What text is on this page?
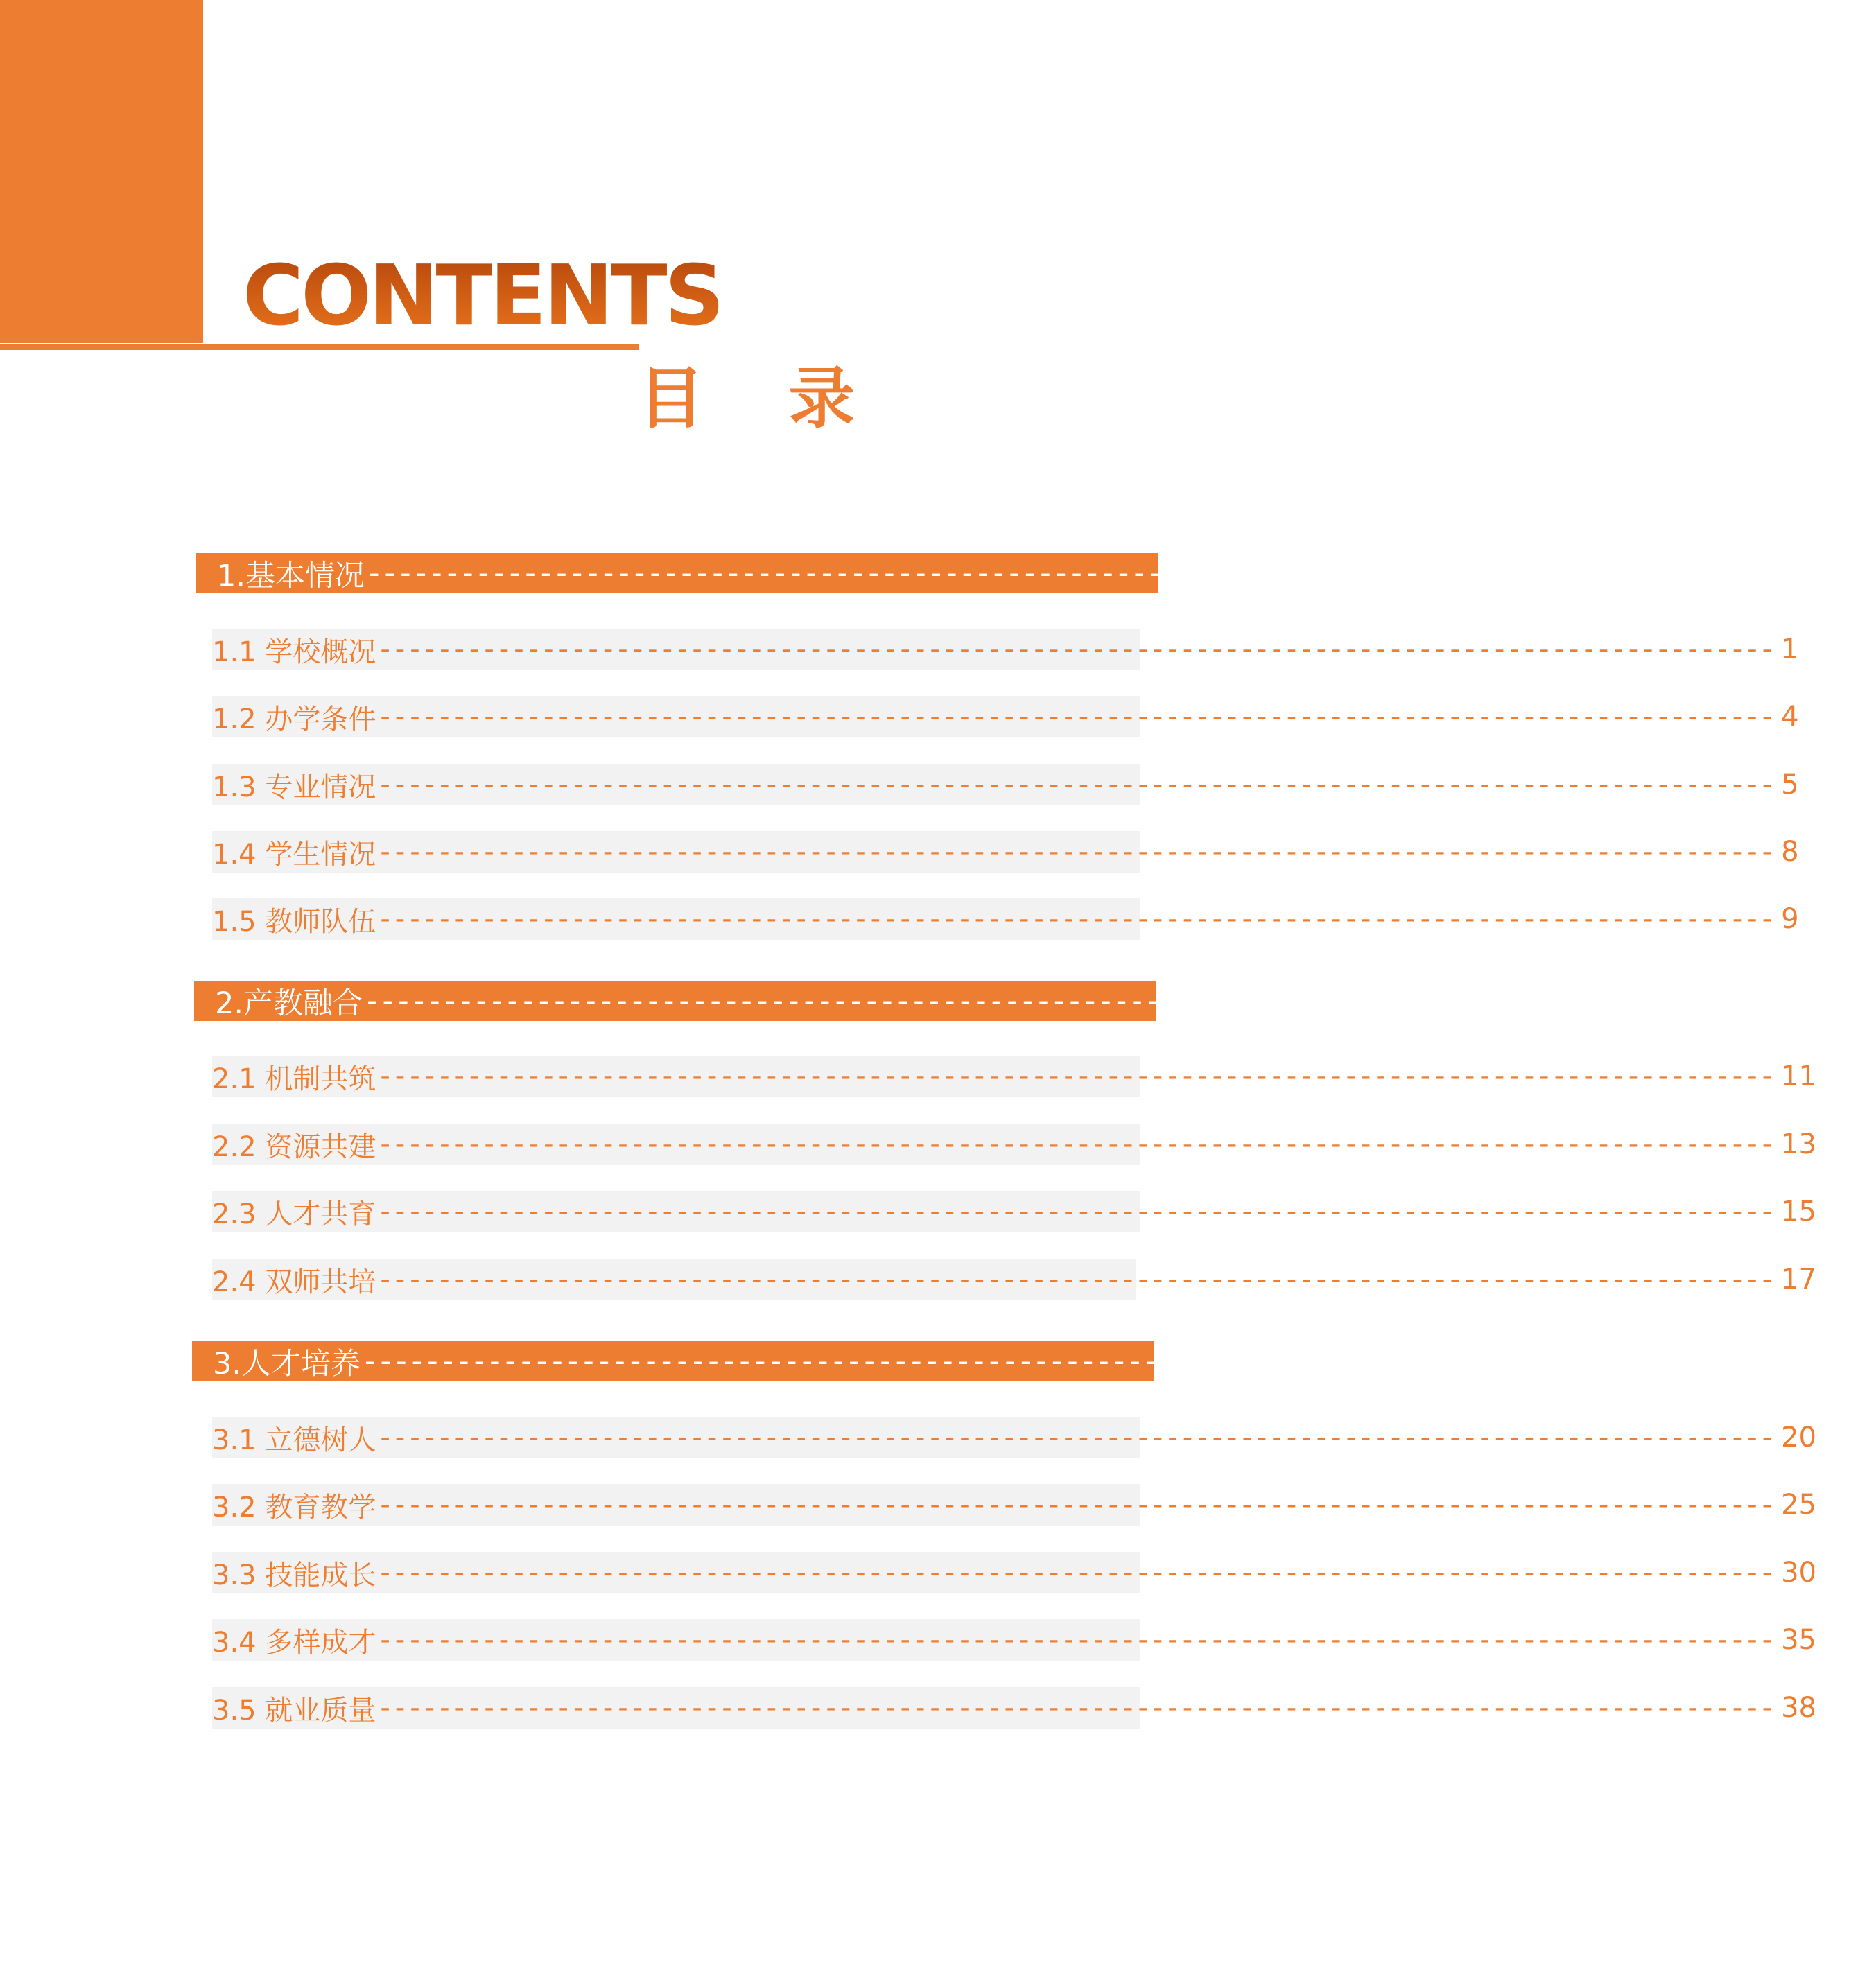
CONTENTS
目 录
1.基本情况 ---------------------------------------------------------------------------------------------- 1
1.1 学校概况 ---------------------------------------------------------------------------------------------- 1
1.2 办学条件 ---------------------------------------------------------------------------------------------- 4
1.3 专业情况 ---------------------------------------------------------------------------------------------- 5
1.4 学生情况 ---------------------------------------------------------------------------------------------- 8
1.5 教师队伍 ---------------------------------------------------------------------------------------------- 9
2.产教融合 ---------------------------------------------------------------------------------------------- 11
2.1 机制共筑 ---------------------------------------------------------------------------------------------- 11
2.2 资源共建 ---------------------------------------------------------------------------------------------- 13
2.3 人才共育 ---------------------------------------------------------------------------------------------- 15
2.4 双师共培 ---------------------------------------------------------------------------------------------- 17
3.人才培养 ---------------------------------------------------------------------------------------------- 20
3.1 立德树人 ---------------------------------------------------------------------------------------------- 20
3.2 教育教学 ---------------------------------------------------------------------------------------------- 25
3.3 技能成长 ---------------------------------------------------------------------------------------------- 30
3.4 多样成才 ---------------------------------------------------------------------------------------------- 35
3.5 就业质量 ---------------------------------------------------------------------------------------------- 38
